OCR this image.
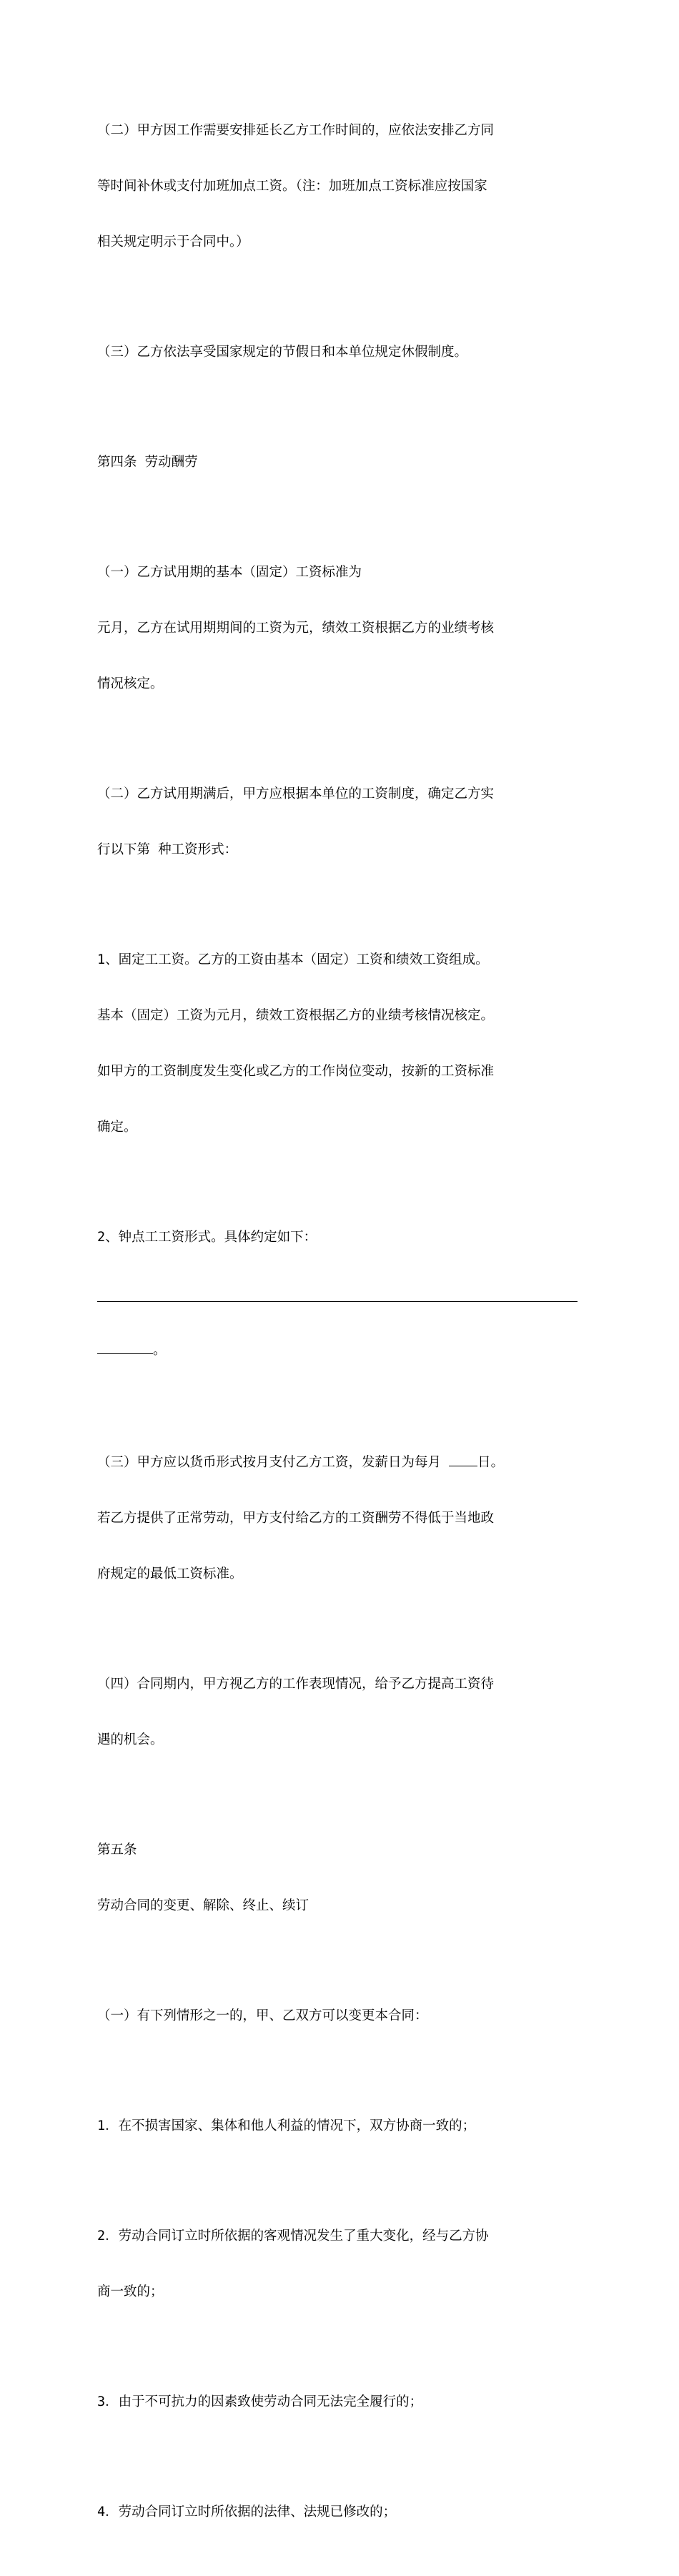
（二）甲方因工作需要安排延长乙方工作时间的，应依法安排乙方同

等时间补休或支付加班加点工资。（注：加班加点工资标准应按国家

相关规定明示于合同中。）

（三）乙方依法享受国家规定的节假日和本单位规定休假制度。

第四条 劳动酬劳

（一）乙方试用期的基本（固定）工资标准为

元月，乙方在试用期期间的工资为元，绩效工资根据乙方的业绩考核

情况核定。

（二）乙方试用期满后，甲方应根据本单位的工资制度，确定乙方实

行以下第 种工资形式：

1、固定工工资。乙方的工资由基本（固定）工资和绩效工资组成。

基本（固定）工资为元月，绩效工资根据乙方的业绩考核情况核定。

如甲方的工资制度发生变化或乙方的工作岗位变动，按新的工资标准

确定。

2、钟点工工资形式。具体约定如下：

。

（三）甲方应以货币形式按月支付乙方工资，发薪日为每月	日。

若乙方提供了正常劳动，甲方支付给乙方的工资酬劳不得低于当地政

府规定的最低工资标准。

（四）合同期内，甲方视乙方的工作表现情况，给予乙方提高工资待

遇的机会。

第五条

劳动合同的变更、解除、终止、续订

（一）有下列情形之一的，甲、乙双方可以变更本合同：

1．在不损害国家、集体和他人利益的情况下，双方协商一致的；

2．劳动合同订立时所依据的客观情况发生了重大变化，经与乙方协

商一致的；

3．由于不可抗力的因素致使劳动合同无法完全履行的；

4．劳动合同订立时所依据的法律、法规已修改的；
